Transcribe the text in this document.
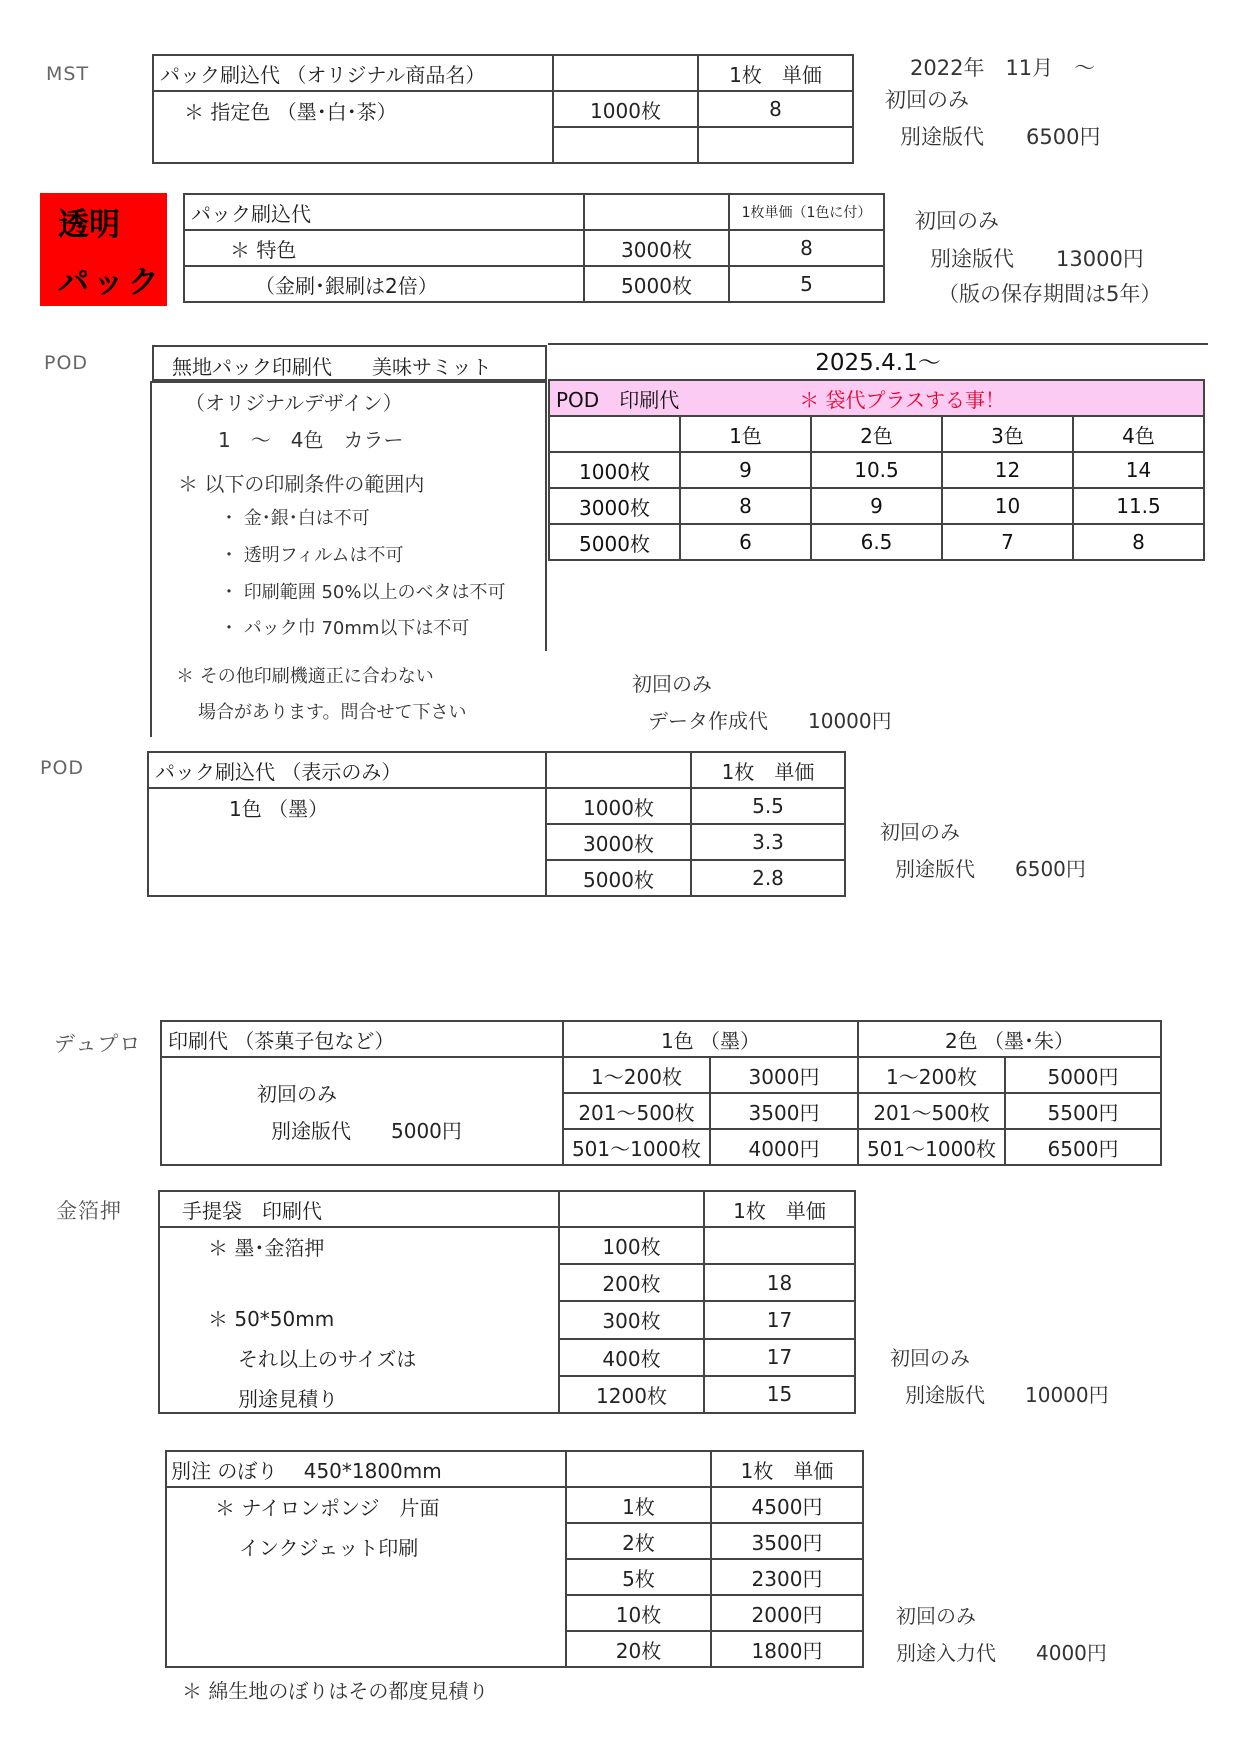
MST	パック刷込代 （オリジナル商品名）		1枚　単価
＊ 指定色 （墨･白･茶）	1000枚	8

2022年　11月　～
初回のみ
別途版代　　6500円
透明
パック
パック刷込代		1枚単価（1色に付）
＊ 特色	3000枚	8
（金刷･銀刷は2倍）	5000枚	5
初回のみ
別途版代　　13000円
（版の保存期間は5年）
POD	無地パック印刷代　　美味サミット
（オリジナルデザイン）
1　～　4色　カラー
＊ 以下の印刷条件の範囲内
・ 金･銀･白は不可
・ 透明フィルムは不可
・ 印刷範囲 50%以上のベタは不可
・ パック巾 70mm以下は不可
＊ その他印刷機適正に合わない
場合があります。問合せて下さい
2025.4.1～
POD　印刷代 ＊ 袋代プラスする事！				
	1色	2色	3色	4色
1000枚	9	10.5	12	14
3000枚	8	9	10	11.5
5000枚	6	6.5	7	8
初回のみ
データ作成代　　10000円
POD	パック刷込代 （表示のみ）		1枚　単価
1色 （墨）	1000枚	5.5
	3000枚	3.3
	5000枚	2.8
初回のみ
別途版代　　6500円
デュプロ 印刷代 （茶菓子包など）	1色 （墨）		2色 （墨･朱）	

初回のみ
別途版代　　5000円	1～200枚	3000円	1～200枚	5000円
	201～500枚	3500円	201～500枚	5500円
	501～1000枚	4000円	501～1000枚	6500円
金箔押	手提袋　印刷代		1枚　単価

＊ 墨･金箔押
＊ 50*50mm
それ以上のサイズは
別途見積り	100枚	
	200枚	18
	300枚	17
	400枚	17
	1200枚	15
初回のみ
別途版代　　10000円
別注 のぼり　 450*1800mm		1枚　単価

＊ ナイロンポンジ　片面
インクジェット印刷	1枚	4500円
	2枚	3500円
	5枚	2300円
	10枚	2000円
	20枚	1800円
初回のみ
別途入力代　　4000円
＊ 綿生地のぼりはその都度見積り
